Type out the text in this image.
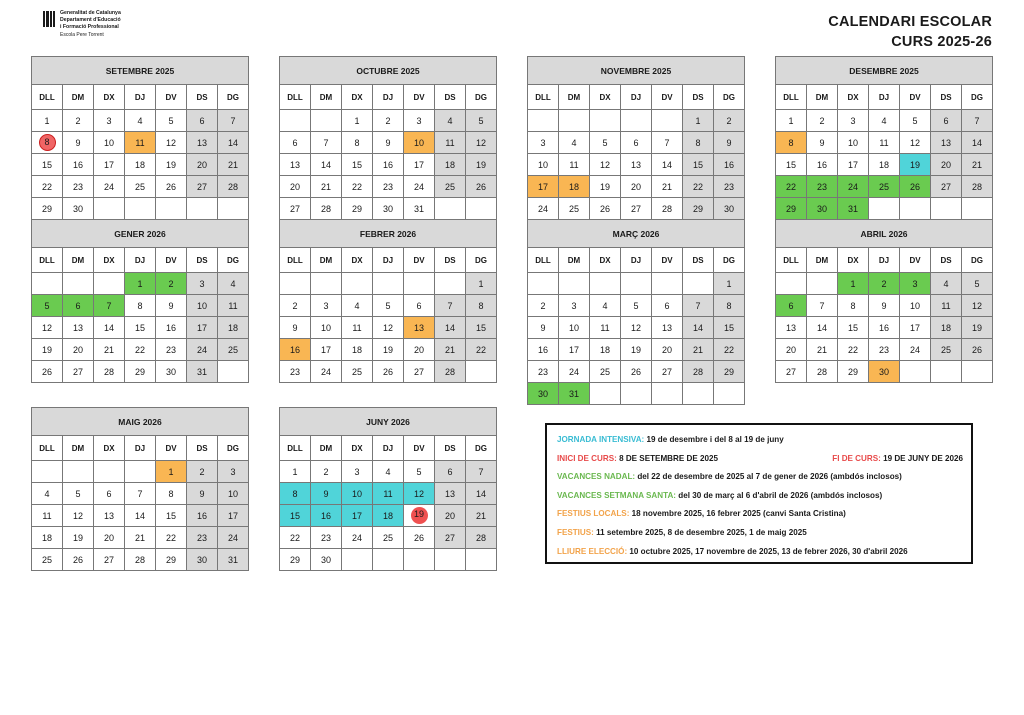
Generalitat de Catalunya
Departament d'Educació
i Formació Professional
Escola Pere Torrent
CALENDARI ESCOLAR
CURS 2025-26
SETEMBRE 2025						
DLL	DM	DX	DJ	DV	DS	DG
1	2	3	4	5	6	7
8	9	10	11	12	13	14
15	16	17	18	19	20	21
22	23	24	25	26	27	28
29	30					
OCTUBRE 2025						
DLL	DM	DX	DJ	DV	DS	DG
		1	2	3	4	5
6	7	8	9	10	11	12
13	14	15	16	17	18	19
20	21	22	23	24	25	26
27	28	29	30	31		
NOVEMBRE 2025						
DLL	DM	DX	DJ	DV	DS	DG
					1	2
3	4	5	6	7	8	9
10	11	12	13	14	15	16
17	18	19	20	21	22	23
24	25	26	27	28	29	30
DESEMBRE 2025						
DLL	DM	DX	DJ	DV	DS	DG
1	2	3	4	5	6	7
8	9	10	11	12	13	14
15	16	17	18	19	20	21
22	23	24	25	26	27	28
29	30	31				
GENER 2026						
DLL	DM	DX	DJ	DV	DS	DG
			1	2	3	4
5	6	7	8	9	10	11
12	13	14	15	16	17	18
19	20	21	22	23	24	25
26	27	28	29	30	31	
FEBRER 2026						
DLL	DM	DX	DJ	DV	DS	DG
						1
2	3	4	5	6	7	8
9	10	11	12	13	14	15
16	17	18	19	20	21	22
23	24	25	26	27	28	
MARÇ 2026						
DLL	DM	DX	DJ	DV	DS	DG
						1
2	3	4	5	6	7	8
9	10	11	12	13	14	15
16	17	18	19	20	21	22
23	24	25	26	27	28	29
30	31					
ABRIL 2026						
DLL	DM	DX	DJ	DV	DS	DG
		1	2	3	4	5
6	7	8	9	10	11	12
13	14	15	16	17	18	19
20	21	22	23	24	25	26
27	28	29	30			
MAIG 2026						
DLL	DM	DX	DJ	DV	DS	DG
				1	2	3
4	5	6	7	8	9	10
11	12	13	14	15	16	17
18	19	20	21	22	23	24
25	26	27	28	29	30	31
JUNY 2026						
DLL	DM	DX	DJ	DV	DS	DG
1	2	3	4	5	6	7
8	9	10	11	12	13	14
15	16	17	18	19	20	21
22	23	24	25	26	27	28
29	30					
JORNADA INTENSIVA: 19 de desembre i del 8 al 19 de juny
INICI DE CURS: 8 DE SETEMBRE DE 2025	FI DE CURS: 19 DE JUNY DE 2026
VACANCES NADAL: del 22 de desembre de 2025 al 7 de gener de 2026 (ambdós inclosos)
VACANCES SETMANA SANTA: del 30 de març al 6 d'abril de 2026 (ambdós inclosos)
FESTIUS LOCALS: 18 novembre 2025, 16 febrer 2025 (canvi Santa Cristina)
FESTIUS: 11 setembre 2025, 8 de desembre 2025, 1 de maig 2025
LLIURE ELECCIÓ: 10 octubre 2025, 17 novembre de 2025, 13 de febrer 2026, 30 d'abril 2026
